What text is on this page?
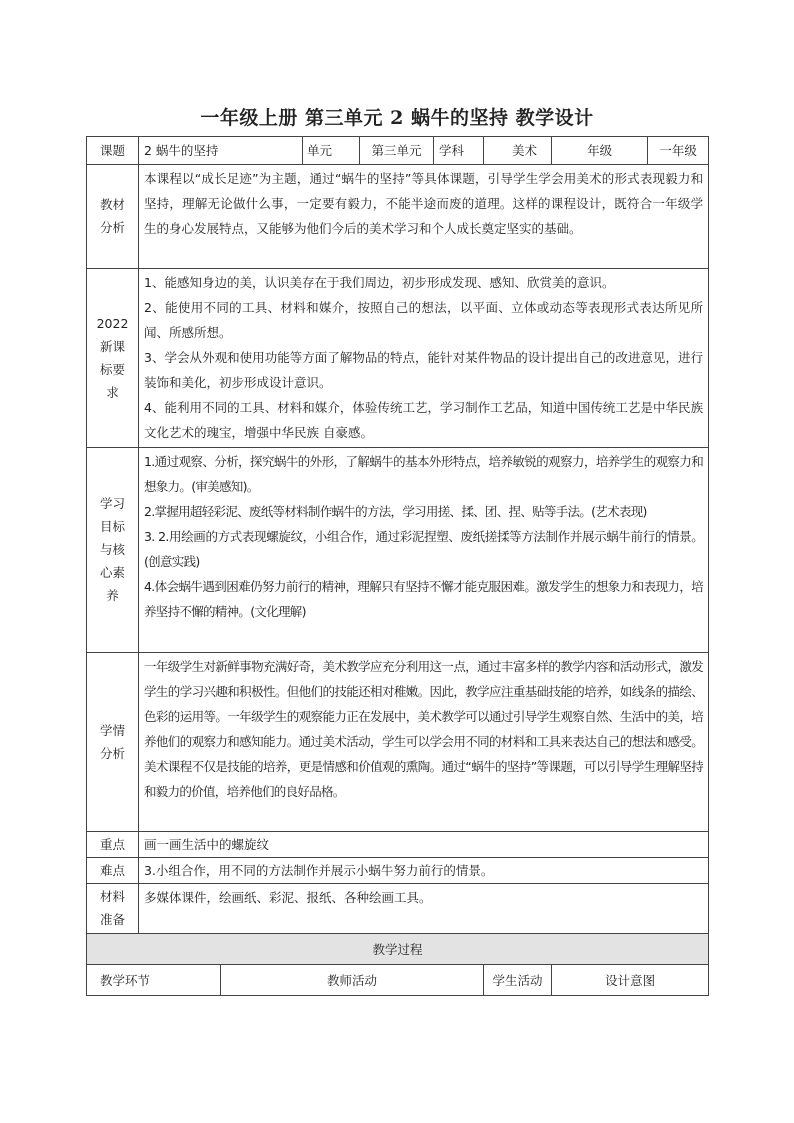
一年级上册 第三单元 2 蜗牛的坚持 教学设计
课题	2 蜗牛的坚持		单元	第三单元	学科	美术	年级	一年级
教材分析	本课程以“成长足迹”为主题，通过“蜗牛的坚持”等具体课题，引导学生学会用美术的形式表现毅力和坚持，理解无论做什么事，一定要有毅力，不能半途而废的道理。这样的课程设计，既符合一年级学生的身心发展特点，又能够为他们今后的美术学习和个人成长奠定坚实的基础。							
2022新课标要求	1、能感知身边的美，认识美存在于我们周边，初步形成发现、感知、欣赏美的意识。

2、能使用不同的工具、材料和媒介，按照自己的想法，以平面、立体或动态等表现形式表达所见所闻、所感所想。

3、学会从外观和使用功能等方面了解物品的特点，能针对某件物品的设计提出自己的改进意见，进行装饰和美化，初步形成设计意识。

4、能利用不同的工具、材料和媒介，体验传统工艺，学习制作工艺品，知道中国传统工艺是中华民族文化艺术的瑰宝，增强中华民族 自豪感。							

学习目标与核心素养	1.通过观察、分析，探究蜗牛的外形，了解蜗牛的基本外形特点，培养敏锐的观察力，培养学生的观察力和想象力。(审美感知)。

2.掌握用超轻彩泥、废纸等材料制作蜗牛的方法，学习用搓、揉、团、捏、贴等手法。(艺术表现)

3. 2.用绘画的方式表现螺旋纹，小组合作，通过彩泥捏塑、废纸搓揉等方法制作并展示蜗牛前行的情景。(创意实践)

4.体会蜗牛遇到困难仍努力前行的精神，理解只有坚持不懈才能克服困难。激发学生的想象力和表现力，培养坚持不懈的精神。(文化理解)							

学情分析	一年级学生对新鲜事物充满好奇，美术教学应充分利用这一点，通过丰富多样的教学内容和活动形式，激发学生的学习兴趣和积极性。但他们的技能还相对稚嫩。因此，教学应注重基础技能的培养，如线条的描绘、色彩的运用等。一年级学生的观察能力正在发展中，美术教学可以通过引导学生观察自然、生活中的美，培养他们的观察力和感知能力。通过美术活动，学生可以学会用不同的材料和工具来表达自己的想法和感受。美术课程不仅是技能的培养，更是情感和价值观的熏陶。通过“蜗牛的坚持”等课题，可以引导学生理解坚持和毅力的价值，培养他们的良好品格。							
重点	画一画生活中的螺旋纹							
难点	3.小组合作，用不同的方法制作并展示小蜗牛努力前行的情景。							
材料准备	多媒体课件，绘画纸、彩泥、报纸、各种绘画工具。							
教学过程								
教学环节		教师活动				学生活动	设计意图	
